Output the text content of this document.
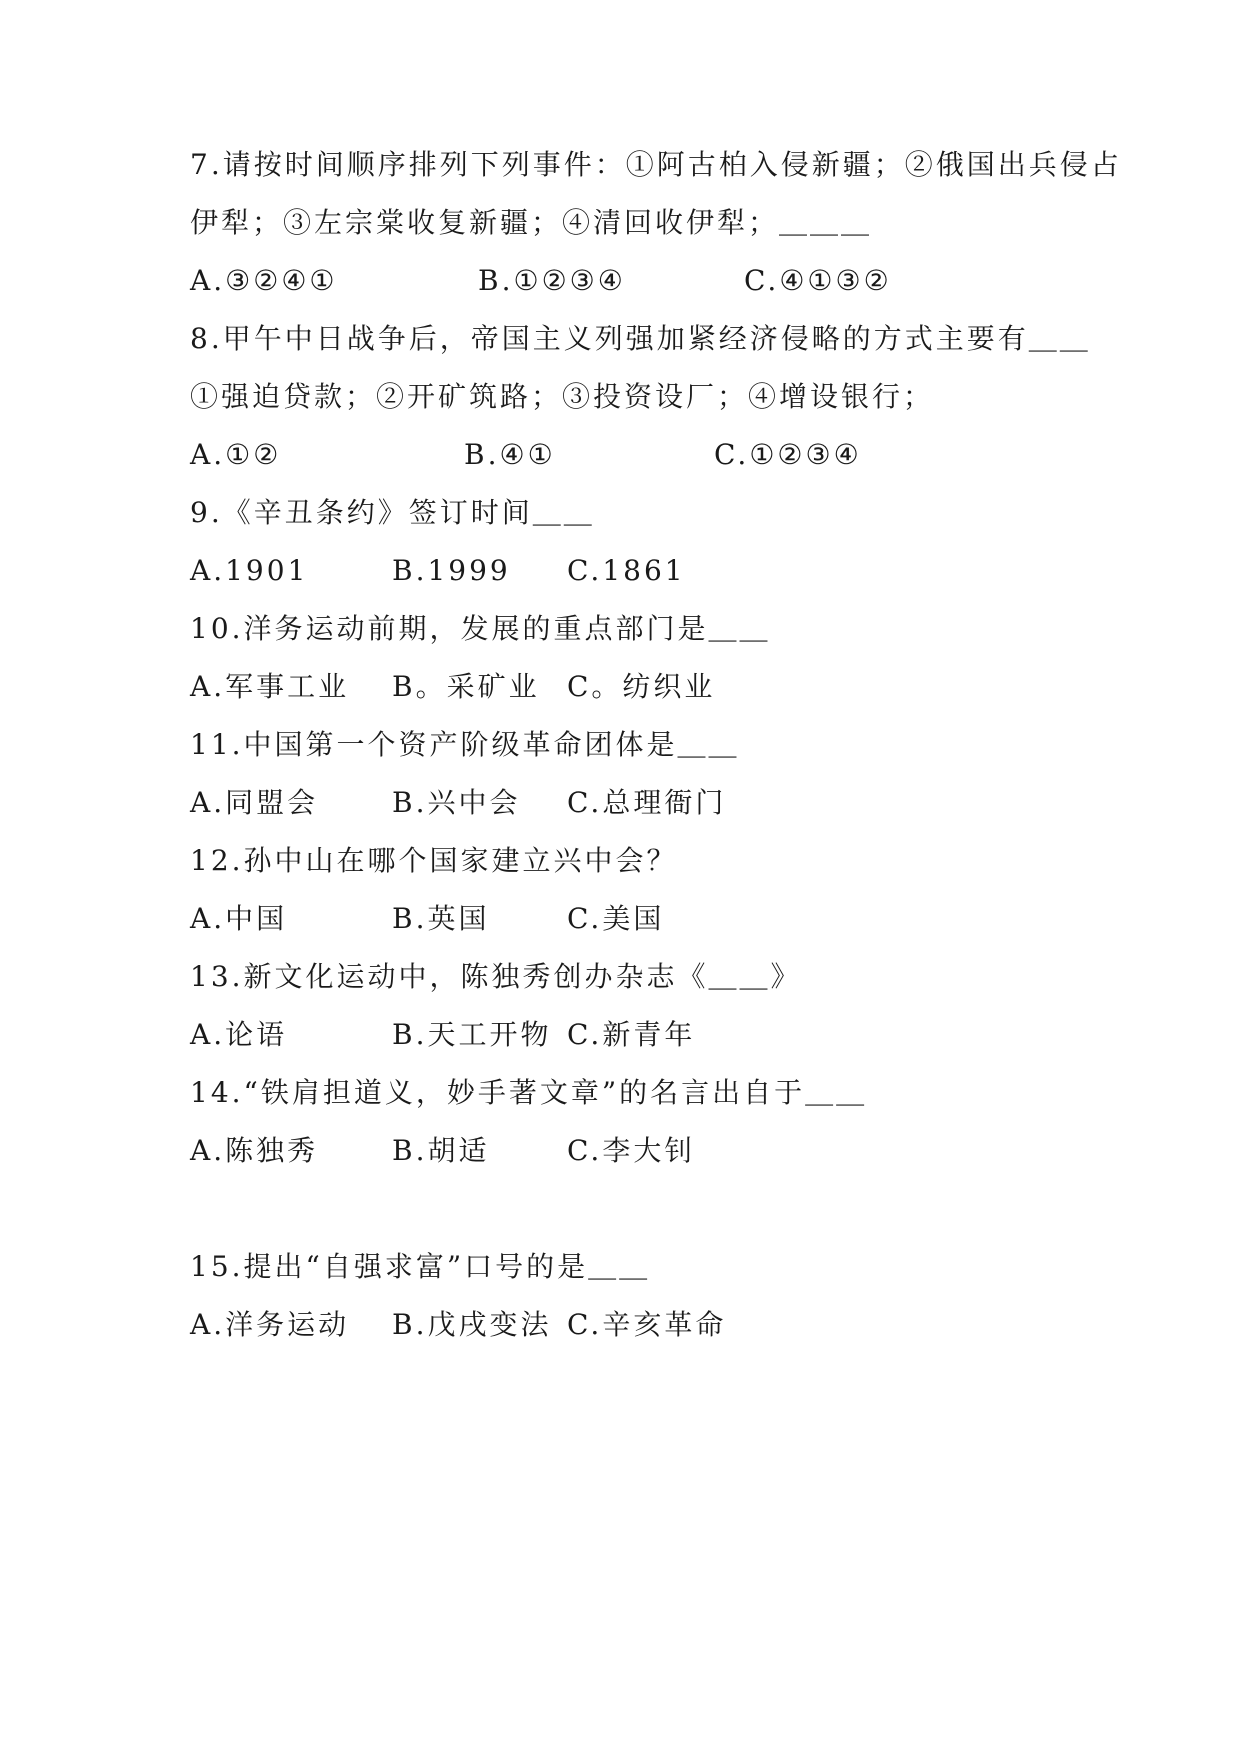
7.请按时间顺序排列下列事件：①阿古柏入侵新疆；②俄国出兵侵占
伊犁；③左宗棠收复新疆；④清回收伊犁；＿＿＿
A.③②④①	B.①②③④	C.④①③②
8.甲午中日战争后，帝国主义列强加紧经济侵略的方式主要有＿＿
①强迫贷款；②开矿筑路；③投资设厂；④增设银行；
A.①②	B.④①	C.①②③④
9.《辛丑条约》签订时间＿＿
A.1901	B.1999 C.1861
10.洋务运动前期，发展的重点部门是＿＿
A.军事工业 B。采矿业 C。纺织业
11.中国第一个资产阶级革命团体是＿＿
A.同盟会	B.兴中会 C.总理衙门
12.孙中山在哪个国家建立兴中会？
A.中国	B.英国	C.美国
13.新文化运动中，陈独秀创办杂志《＿＿》
A.论语	B.天工开物 C.新青年
14.“铁肩担道义，妙手著文章”的名言出自于＿＿
A.陈独秀	B.胡适	C.李大钊
15.提出“自强求富”口号的是＿＿
A.洋务运动 B.戊戌变法 C.辛亥革命
